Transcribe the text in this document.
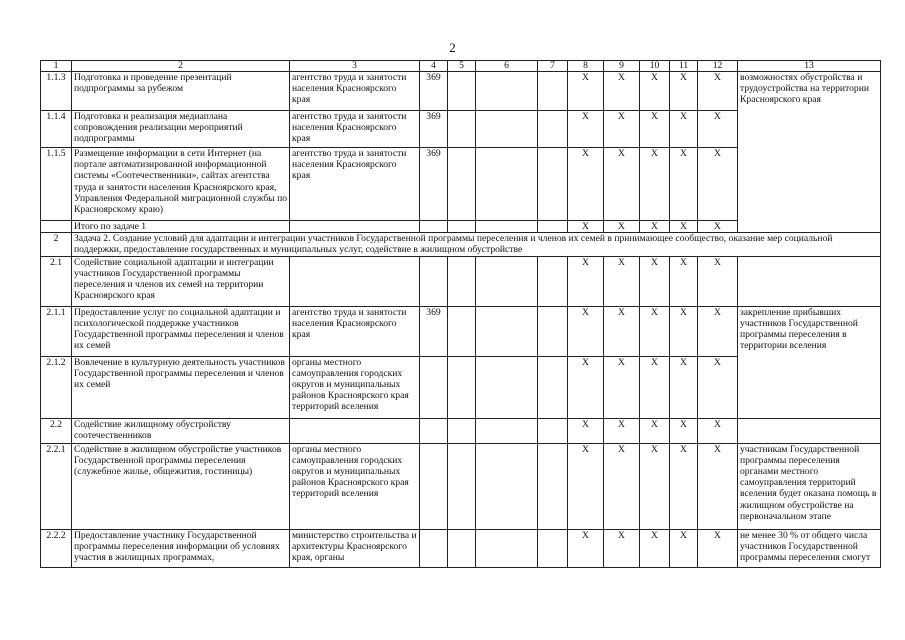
2
1	2	3	4	5	6	7	8	9	10	11	12	13
1.1.3	Подготовка и проведение презентаций подпрограммы за рубежом	агентство труда и занятости населения Красноярского края	369				X	X	X	X	X	возможностях обустройства и трудоустройства на территории Красноярского края
1.1.4	Подготовка и реализация медиаплана сопровождения реализации мероприятий подпрограммы	агентство труда и занятости населения Красноярского края	369				X	X	X	X	X	
1.1.5	Размещение информации в сети Интернет (на портале автоматизированной информационной системы «Соотечественники», сайтах агентства труда и занятости населения Красноярского края, Управления Федеральной миграционной службы по Красноярскому краю)	агентство труда и занятости населения Красноярского края	369				X	X	X	X	X	
	Итого по задаче 1						X	X	X	X	X	
2	Задача 2. Создание условий для адаптации и интеграции участников Государственной программы переселения и членов их семей в принимающее сообщество, оказание мер социальной поддержки, предоставление государственных и муниципальных услуг, содействие в жилищном обустройстве											
2.1	Содействие социальной адаптации и интеграции участников Государственной программы переселения и членов их семей на территории Красноярского края						X	X	X	X	X	
2.1.1	Предоставление услуг по социальной адаптации и психологической поддержке участников Государственной программы переселения и членов их семей	агентство труда и занятости населения Красноярского края	369				X	X	X	X	X	закрепление прибывших участников Государственной программы переселения в территории вселения
2.1.2	Вовлечение в культурную деятельность участников Государственной программы переселения и членов их семей	органы местного самоуправления городских округов и муниципальных районов Красноярского края территорий вселения					X	X	X	X	X	
2.2	Содействие жилищному обустройству соотечественников						X	X	X	X	X	
2.2.1	Содействие в жилищном обустройстве участников Государственной программы переселения (служебное жилье, общежития, гостиницы)	органы местного самоуправления городских округов и муниципальных районов Красноярского края территорий вселения					X	X	X	X	X	участникам Государственной программы переселения органами местного самоуправления территорий вселения будет оказана помощь в жилищном обустройстве на первоначальном этапе
2.2.2	Предоставление участнику Государственной программы переселения информации об условиях участия в жилищных программах,	министерство строительства и архитектуры Красноярского края, органы					X	X	X	X	X	не менее 30 % от общего числа участников Государственной программы переселения смогут
